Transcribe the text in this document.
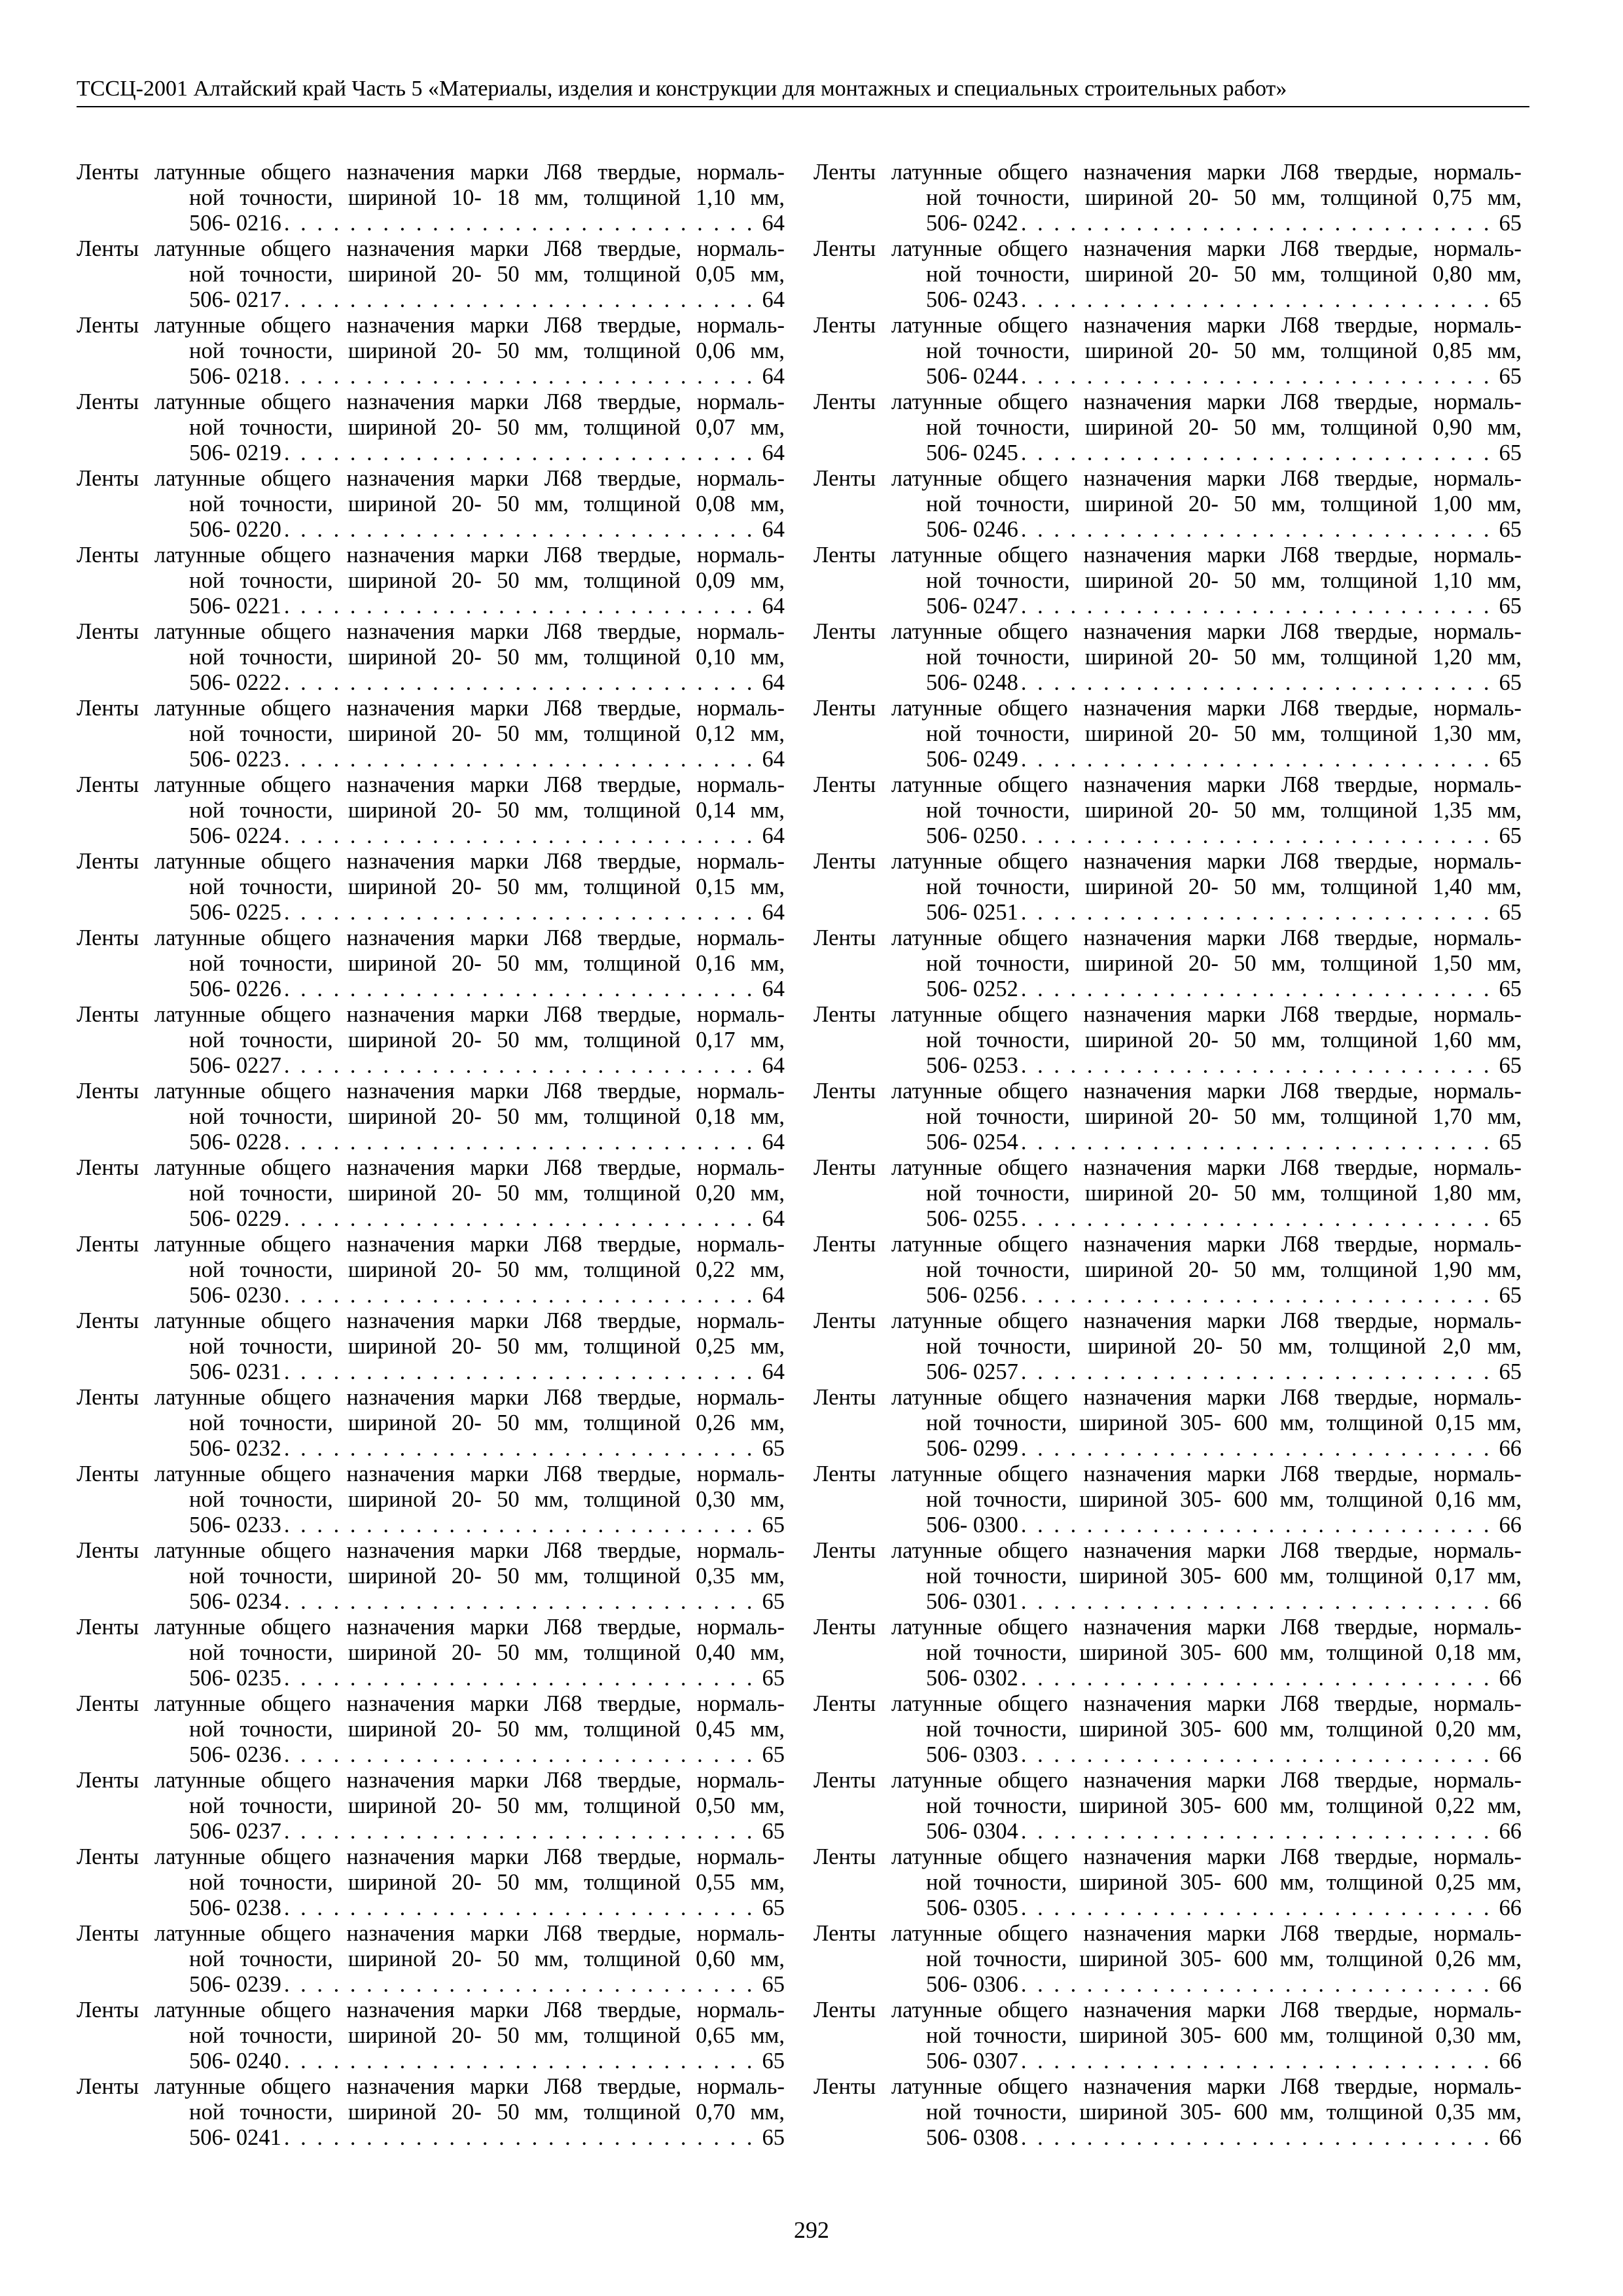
ТССЦ-2001 Алтайский край Часть 5 «Материалы, изделия и конструкции для монтажных и специальных строительных работ»
Ленты латунные общего назначения марки Л68 твердые, нормаль-
ной точности, шириной 10- 18 мм, толщиной 1,10 мм,
506- 0216 . . .	64
Ленты латунные общего назначения марки Л68 твердые, нормаль-
ной точности, шириной 20- 50 мм, толщиной 0,05 мм,
506- 0217 . . .	64
Ленты латунные общего назначения марки Л68 твердые, нормаль-
ной точности, шириной 20- 50 мм, толщиной 0,06 мм,
506- 0218 . . .	64
Ленты латунные общего назначения марки Л68 твердые, нормаль-
ной точности, шириной 20- 50 мм, толщиной 0,07 мм,
506- 0219 . . .	64
Ленты латунные общего назначения марки Л68 твердые, нормаль-
ной точности, шириной 20- 50 мм, толщиной 0,08 мм,
506- 0220 . . .	64
Ленты латунные общего назначения марки Л68 твердые, нормаль-
ной точности, шириной 20- 50 мм, толщиной 0,09 мм,
506- 0221 . . .	64
Ленты латунные общего назначения марки Л68 твердые, нормаль-
ной точности, шириной 20- 50 мм, толщиной 0,10 мм,
506- 0222 . . .	64
Ленты латунные общего назначения марки Л68 твердые, нормаль-
ной точности, шириной 20- 50 мм, толщиной 0,12 мм,
506- 0223 . . .	64
Ленты латунные общего назначения марки Л68 твердые, нормаль-
ной точности, шириной 20- 50 мм, толщиной 0,14 мм,
506- 0224 . . .	64
Ленты латунные общего назначения марки Л68 твердые, нормаль-
ной точности, шириной 20- 50 мм, толщиной 0,15 мм,
506- 0225 . . .	64
Ленты латунные общего назначения марки Л68 твердые, нормаль-
ной точности, шириной 20- 50 мм, толщиной 0,16 мм,
506- 0226 . . .	64
Ленты латунные общего назначения марки Л68 твердые, нормаль-
ной точности, шириной 20- 50 мм, толщиной 0,17 мм,
506- 0227 . . .	64
Ленты латунные общего назначения марки Л68 твердые, нормаль-
ной точности, шириной 20- 50 мм, толщиной 0,18 мм,
506- 0228 . . .	64
Ленты латунные общего назначения марки Л68 твердые, нормаль-
ной точности, шириной 20- 50 мм, толщиной 0,20 мм,
506- 0229 . . .	64
Ленты латунные общего назначения марки Л68 твердые, нормаль-
ной точности, шириной 20- 50 мм, толщиной 0,22 мм,
506- 0230 . . .	64
Ленты латунные общего назначения марки Л68 твердые, нормаль-
ной точности, шириной 20- 50 мм, толщиной 0,25 мм,
506- 0231 . . .	64
Ленты латунные общего назначения марки Л68 твердые, нормаль-
ной точности, шириной 20- 50 мм, толщиной 0,26 мм,
506- 0232 . . .	65
Ленты латунные общего назначения марки Л68 твердые, нормаль-
ной точности, шириной 20- 50 мм, толщиной 0,30 мм,
506- 0233 . . .	65
Ленты латунные общего назначения марки Л68 твердые, нормаль-
ной точности, шириной 20- 50 мм, толщиной 0,35 мм,
506- 0234 . . .	65
Ленты латунные общего назначения марки Л68 твердые, нормаль-
ной точности, шириной 20- 50 мм, толщиной 0,40 мм,
506- 0235 . . .	65
Ленты латунные общего назначения марки Л68 твердые, нормаль-
ной точности, шириной 20- 50 мм, толщиной 0,45 мм,
506- 0236 . . .	65
Ленты латунные общего назначения марки Л68 твердые, нормаль-
ной точности, шириной 20- 50 мм, толщиной 0,50 мм,
506- 0237 . . .	65
Ленты латунные общего назначения марки Л68 твердые, нормаль-
ной точности, шириной 20- 50 мм, толщиной 0,55 мм,
506- 0238 . . .	65
Ленты латунные общего назначения марки Л68 твердые, нормаль-
ной точности, шириной 20- 50 мм, толщиной 0,60 мм,
506- 0239 . . .	65
Ленты латунные общего назначения марки Л68 твердые, нормаль-
ной точности, шириной 20- 50 мм, толщиной 0,65 мм,
506- 0240 . . .	65
Ленты латунные общего назначения марки Л68 твердые, нормаль-
ной точности, шириной 20- 50 мм, толщиной 0,70 мм,
506- 0241 . . .	65
Ленты латунные общего назначения марки Л68 твердые, нормаль-
ной точности, шириной 20- 50 мм, толщиной 0,75 мм,
506- 0242 . . .	65
Ленты латунные общего назначения марки Л68 твердые, нормаль-
ной точности, шириной 20- 50 мм, толщиной 0,80 мм,
506- 0243 . . .	65
Ленты латунные общего назначения марки Л68 твердые, нормаль-
ной точности, шириной 20- 50 мм, толщиной 0,85 мм,
506- 0244 . . .	65
Ленты латунные общего назначения марки Л68 твердые, нормаль-
ной точности, шириной 20- 50 мм, толщиной 0,90 мм,
506- 0245 . . .	65
Ленты латунные общего назначения марки Л68 твердые, нормаль-
ной точности, шириной 20- 50 мм, толщиной 1,00 мм,
506- 0246 . . .	65
Ленты латунные общего назначения марки Л68 твердые, нормаль-
ной точности, шириной 20- 50 мм, толщиной 1,10 мм,
506- 0247 . . .	65
Ленты латунные общего назначения марки Л68 твердые, нормаль-
ной точности, шириной 20- 50 мм, толщиной 1,20 мм,
506- 0248 . . .	65
Ленты латунные общего назначения марки Л68 твердые, нормаль-
ной точности, шириной 20- 50 мм, толщиной 1,30 мм,
506- 0249 . . .	65
Ленты латунные общего назначения марки Л68 твердые, нормаль-
ной точности, шириной 20- 50 мм, толщиной 1,35 мм,
506- 0250 . . .	65
Ленты латунные общего назначения марки Л68 твердые, нормаль-
ной точности, шириной 20- 50 мм, толщиной 1,40 мм,
506- 0251 . . .	65
Ленты латунные общего назначения марки Л68 твердые, нормаль-
ной точности, шириной 20- 50 мм, толщиной 1,50 мм,
506- 0252 . . .	65
Ленты латунные общего назначения марки Л68 твердые, нормаль-
ной точности, шириной 20- 50 мм, толщиной 1,60 мм,
506- 0253 . . .	65
Ленты латунные общего назначения марки Л68 твердые, нормаль-
ной точности, шириной 20- 50 мм, толщиной 1,70 мм,
506- 0254 . . .	65
Ленты латунные общего назначения марки Л68 твердые, нормаль-
ной точности, шириной 20- 50 мм, толщиной 1,80 мм,
506- 0255 . . .	65
Ленты латунные общего назначения марки Л68 твердые, нормаль-
ной точности, шириной 20- 50 мм, толщиной 1,90 мм,
506- 0256 . . .	65
Ленты латунные общего назначения марки Л68 твердые, нормаль-
ной точности, шириной 20- 50 мм, толщиной 2,0 мм,
506- 0257 . . .	65
Ленты латунные общего назначения марки Л68 твердые, нормаль-
ной точности, шириной 305- 600 мм, толщиной 0,15 мм,
506- 0299 . . .	66
Ленты латунные общего назначения марки Л68 твердые, нормаль-
ной точности, шириной 305- 600 мм, толщиной 0,16 мм,
506- 0300 . . .	66
Ленты латунные общего назначения марки Л68 твердые, нормаль-
ной точности, шириной 305- 600 мм, толщиной 0,17 мм,
506- 0301 . . .	66
Ленты латунные общего назначения марки Л68 твердые, нормаль-
ной точности, шириной 305- 600 мм, толщиной 0,18 мм,
506- 0302 . . .	66
Ленты латунные общего назначения марки Л68 твердые, нормаль-
ной точности, шириной 305- 600 мм, толщиной 0,20 мм,
506- 0303 . . .	66
Ленты латунные общего назначения марки Л68 твердые, нормаль-
ной точности, шириной 305- 600 мм, толщиной 0,22 мм,
506- 0304 . . .	66
Ленты латунные общего назначения марки Л68 твердые, нормаль-
ной точности, шириной 305- 600 мм, толщиной 0,25 мм,
506- 0305 . . .	66
Ленты латунные общего назначения марки Л68 твердые, нормаль-
ной точности, шириной 305- 600 мм, толщиной 0,26 мм,
506- 0306 . . .	66
Ленты латунные общего назначения марки Л68 твердые, нормаль-
ной точности, шириной 305- 600 мм, толщиной 0,30 мм,
506- 0307 . . .	66
Ленты латунные общего назначения марки Л68 твердые, нормаль-
ной точности, шириной 305- 600 мм, толщиной 0,35 мм,
506- 0308 . . .	66
292
